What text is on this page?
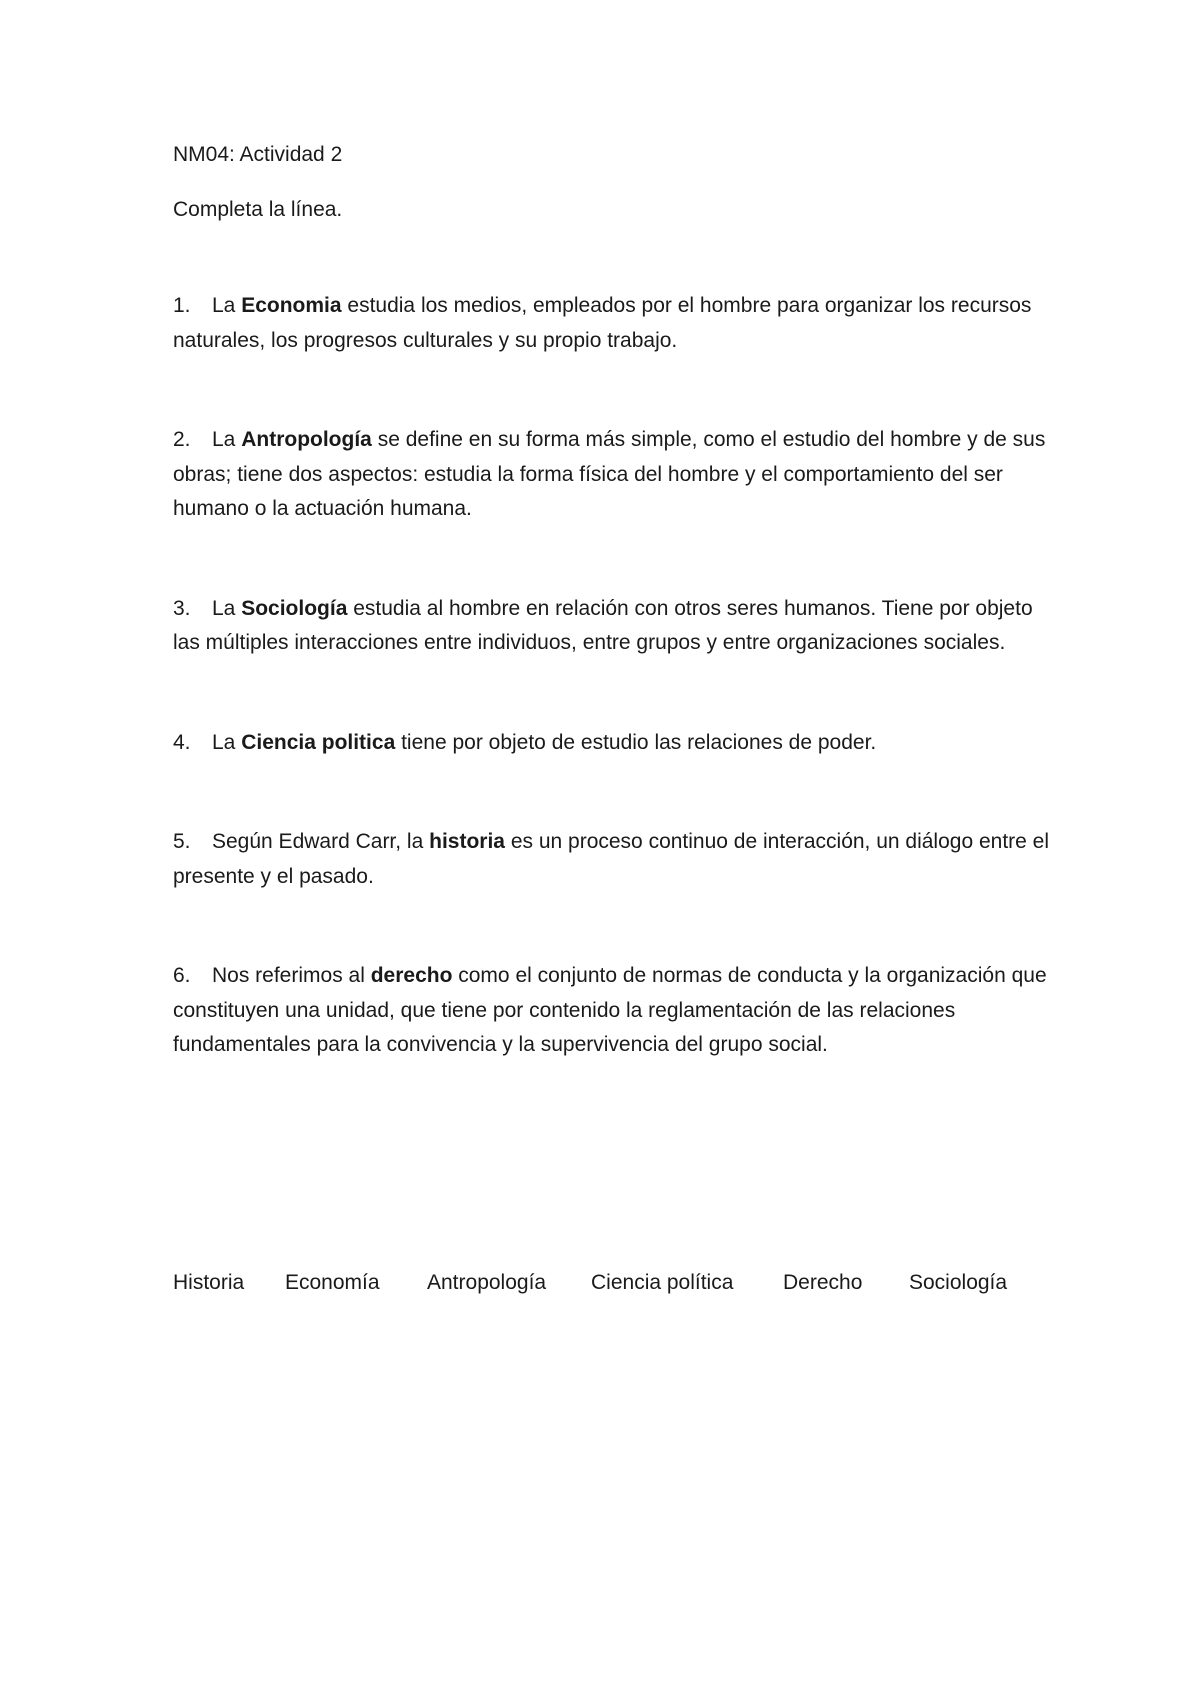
NM04: Actividad 2

Completa la línea.

1. La Economia estudia los medios, empleados por el hombre para organizar los recursos naturales, los progresos culturales y su propio trabajo.

2. La Antropología se define en su forma más simple, como el estudio del hombre y de sus obras; tiene dos aspectos: estudia la forma física del hombre y el comportamiento del ser humano o la actuación humana.

3. La Sociología estudia al hombre en relación con otros seres humanos. Tiene por objeto las múltiples interacciones entre individuos, entre grupos y entre organizaciones sociales.

4. La Ciencia politica tiene por objeto de estudio las relaciones de poder.

5. Según Edward Carr, la historia es un proceso continuo de interacción, un diálogo entre el presente y el pasado.

6. Nos referimos al derecho como el conjunto de normas de conducta y la organización que constituyen una unidad, que tiene por contenido la reglamentación de las relaciones fundamentales para la convivencia y la supervivencia del grupo social.

Historia Economía Antropología Ciencia política Derecho Sociología
